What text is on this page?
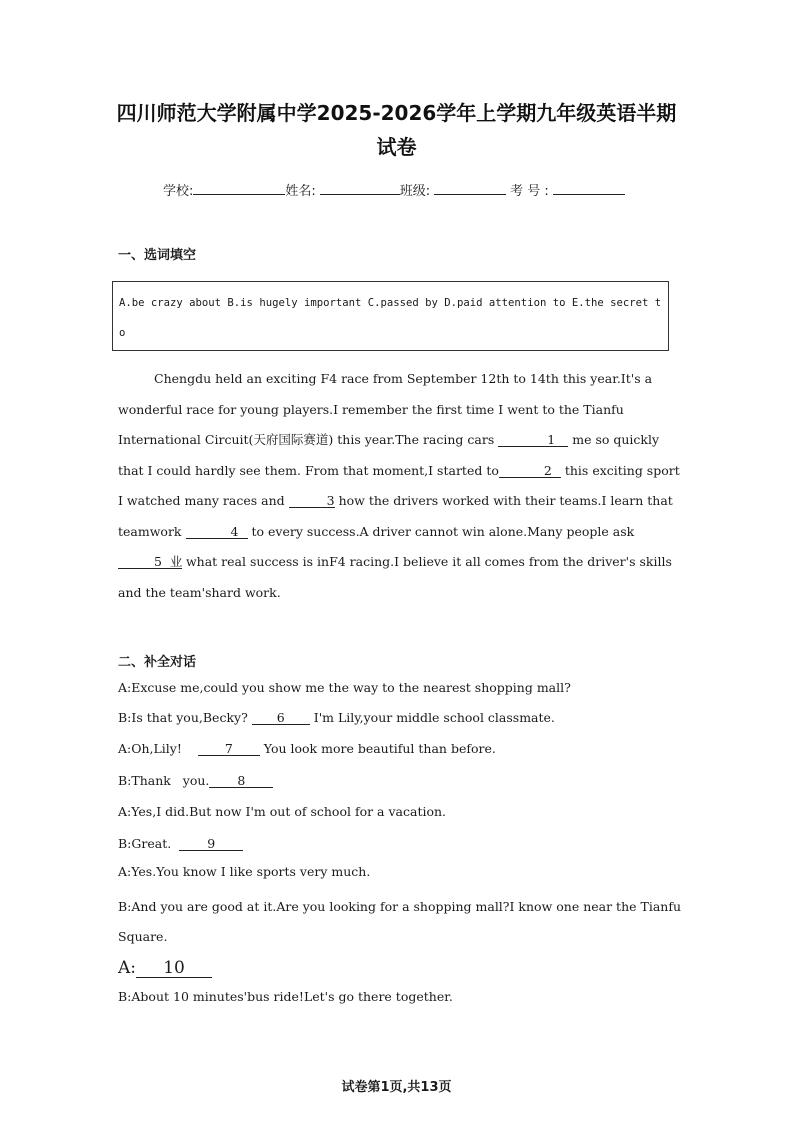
四川师范大学附属中学2025-2026学年上学期九年级英语半期
试卷
学校:	姓名:	班级:	考 号 :
一、选词填空
A.be crazy about B.is hugely important C.passed by D.paid attention to E.the secret to

Chengdu held an exciting F4 race from September 12th to 14th this year.It's a wonderful race for young players.I remember the first time I went to the Tianfu International Circuit(天府国际赛道) this year.The racing cars	1 me so quickly that I could hardly see them. From that moment,I started to	2 this exciting sport I watched many races and	3 how the drivers worked with their teams.I learn that teamwork	4 to every success.A driver cannot win alone.Many people ask 5 业 what real success is inF4 racing.I believe it all comes from the driver's skills and the team'shard work.

二、补全对话
A:Excuse me,could you show me the way to the nearest shopping mall?
B:Is that you,Becky? 6 I'm Lily,your middle school classmate.
A:Oh,Lily!	7 You look more beautiful than before.
B:Thank   you. 8
A:Yes,I did.But now I'm out of school for a vacation.
B:Great.	9
A:Yes.You know I like sports very much.
B:And you are good at it.Are you looking for a shopping mall?I know one near the Tianfu
Square.
A: 10
B:About 10 minutes'bus ride!Let's go there together.
试卷第1页,共13页
